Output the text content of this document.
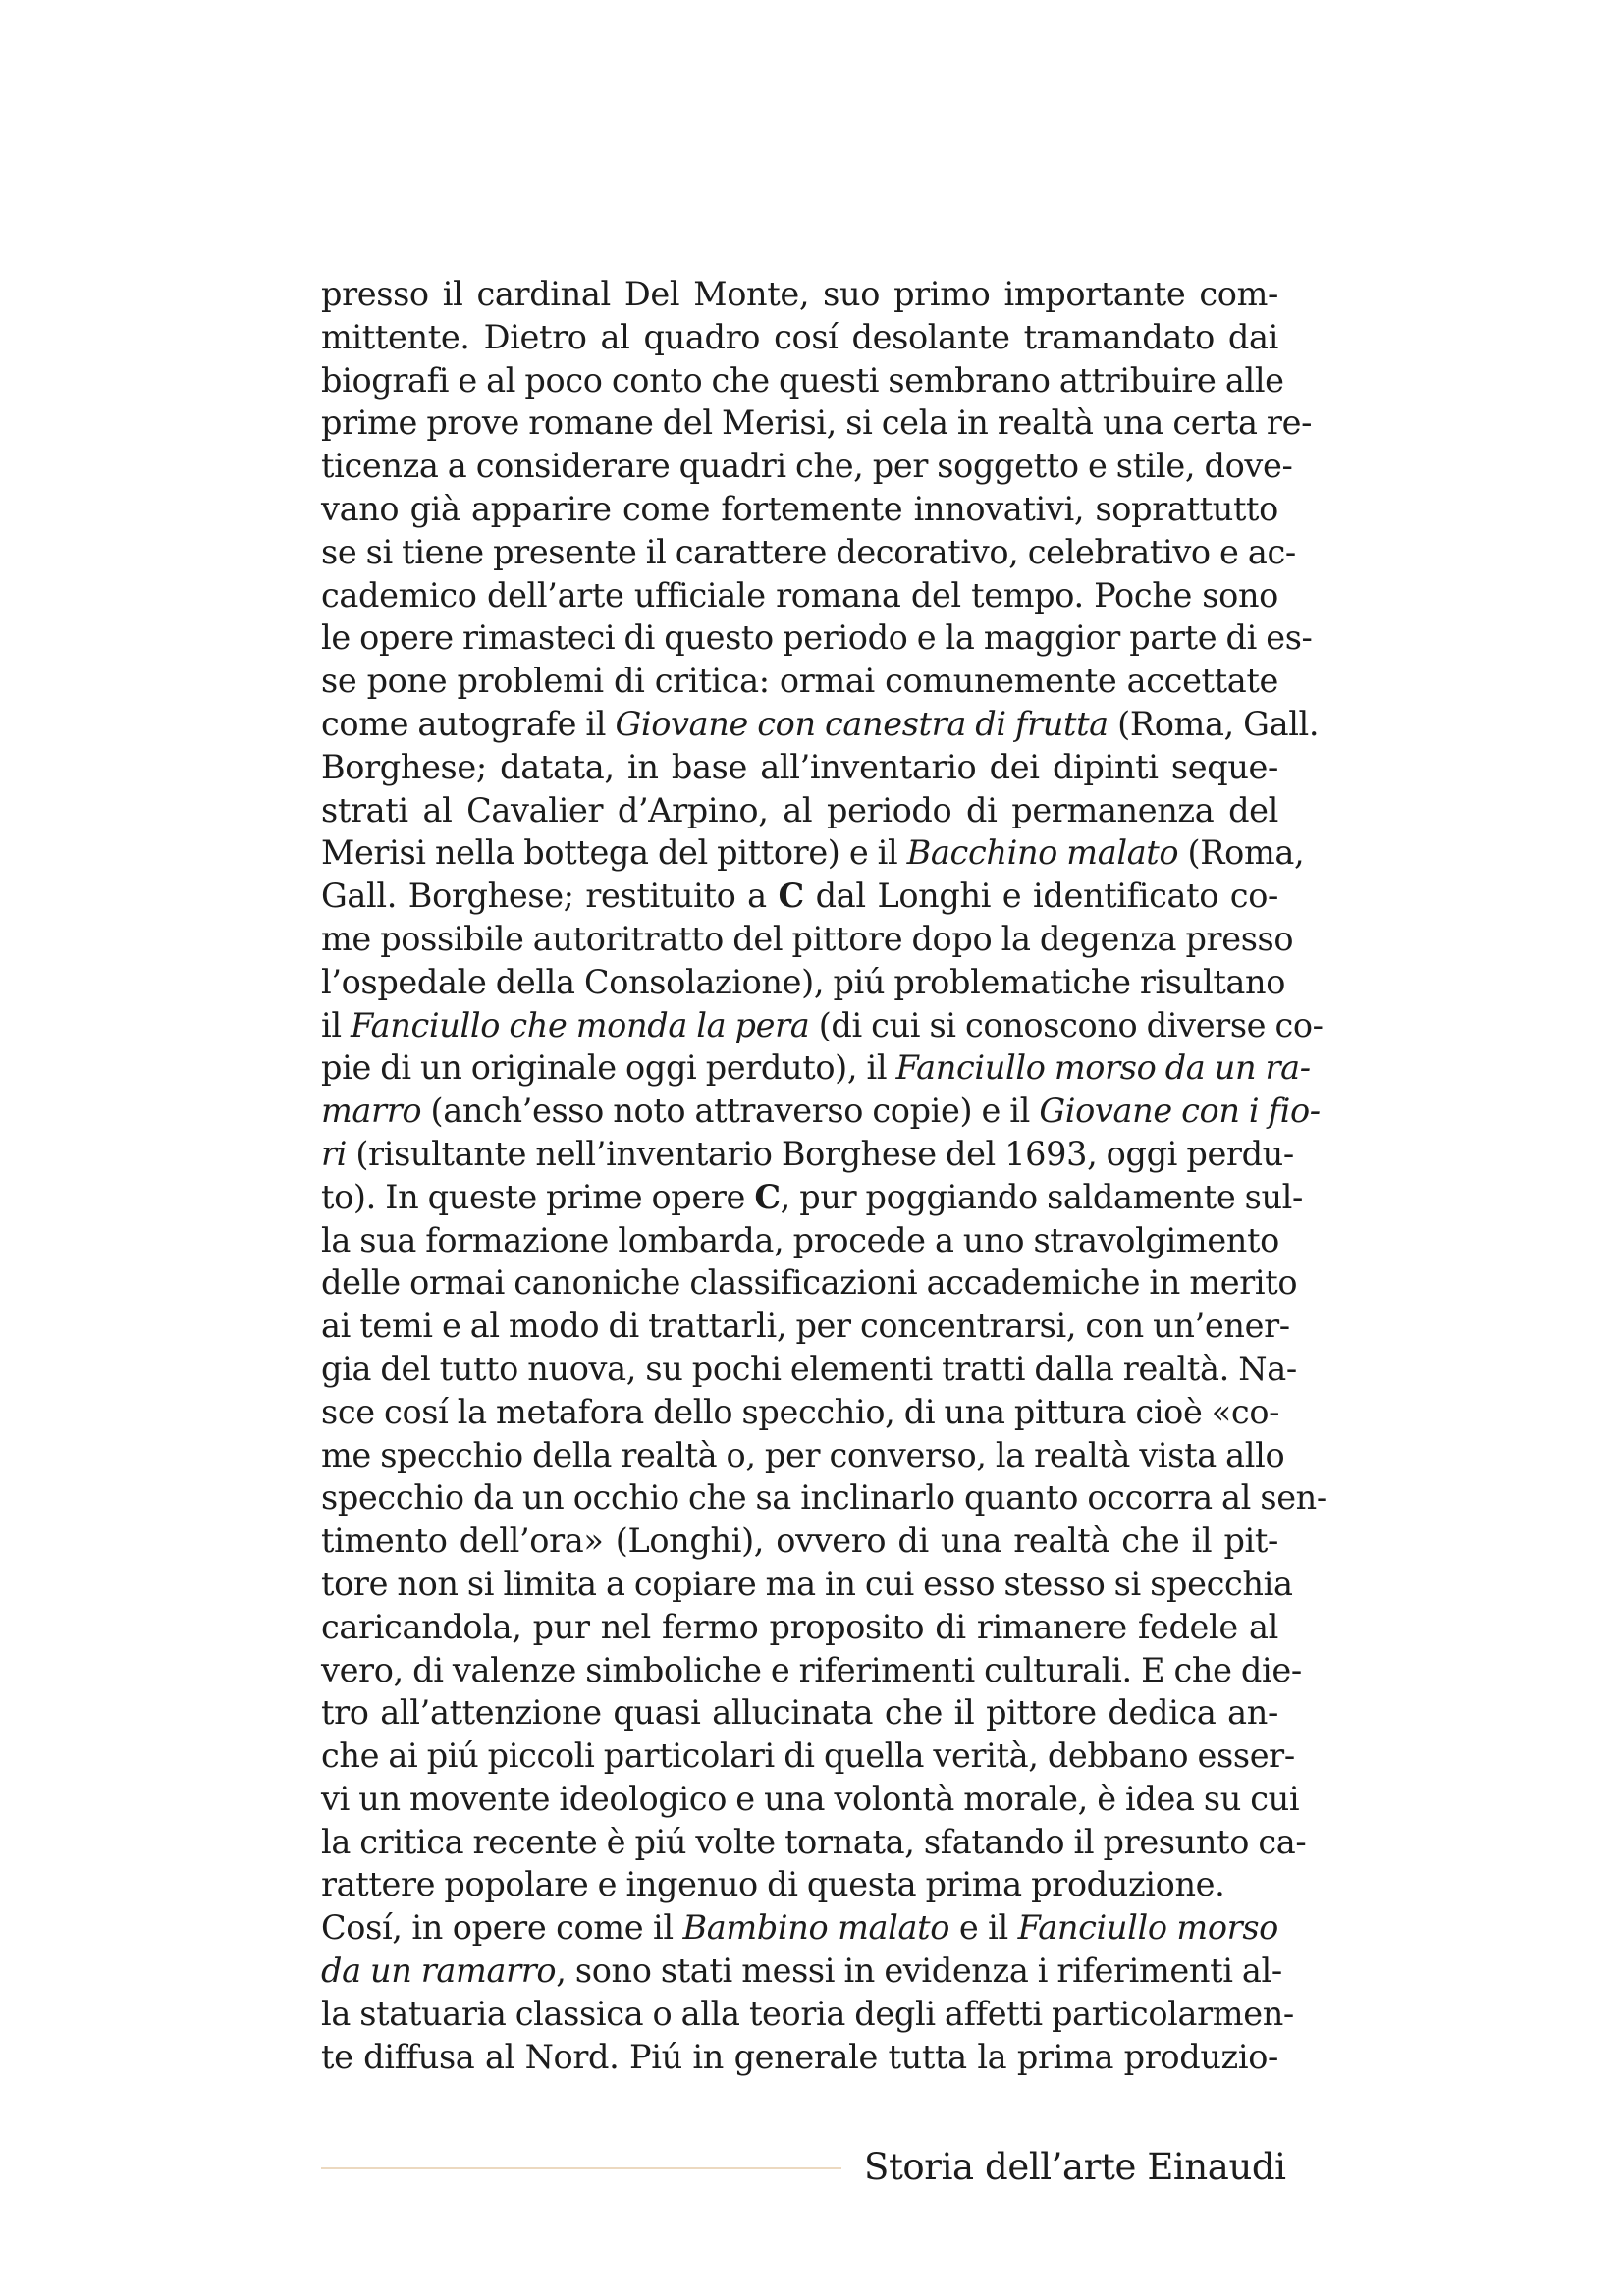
presso il cardinal Del Monte, suo primo importante com-
mittente. Dietro al quadro cosí desolante tramandato dai
biografi e al poco conto che questi sembrano attribuire alle
prime prove romane del Merisi, si cela in realtà una certa re-
ticenza a considerare quadri che, per soggetto e stile, dove-
vano già apparire come fortemente innovativi, soprattutto
se si tiene presente il carattere decorativo, celebrativo e ac-
cademico dell’arte ufficiale romana del tempo. Poche sono
le opere rimasteci di questo periodo e la maggior parte di es-
se pone problemi di critica: ormai comunemente accettate
come autografe il Giovane con canestra di frutta (Roma, Gall.
Borghese; datata, in base all’inventario dei dipinti seque-
strati al Cavalier d’Arpino, al periodo di permanenza del
Merisi nella bottega del pittore) e il Bacchino malato (Roma,
Gall. Borghese; restituito a C dal Longhi e identificato co-
me possibile autoritratto del pittore dopo la degenza presso
l’ospedale della Consolazione), piú problematiche risultano
il Fanciullo che monda la pera (di cui si conoscono diverse co-
pie di un originale oggi perduto), il Fanciullo morso da un ra-
marro (anch’esso noto attraverso copie) e il Giovane con i fio-
ri (risultante nell’inventario Borghese del 1693, oggi perdu-
to). In queste prime opere C, pur poggiando saldamente sul-
la sua formazione lombarda, procede a uno stravolgimento
delle ormai canoniche classificazioni accademiche in merito
ai temi e al modo di trattarli, per concentrarsi, con un’ener-
gia del tutto nuova, su pochi elementi tratti dalla realtà. Na-
sce cosí la metafora dello specchio, di una pittura cioè «co-
me specchio della realtà o, per converso, la realtà vista allo
specchio da un occhio che sa inclinarlo quanto occorra al sen-
timento dell’ora» (Longhi), ovvero di una realtà che il pit-
tore non si limita a copiare ma in cui esso stesso si specchia
caricandola, pur nel fermo proposito di rimanere fedele al
vero, di valenze simboliche e riferimenti culturali. E che die-
tro all’attenzione quasi allucinata che il pittore dedica an-
che ai piú piccoli particolari di quella verità, debbano esser-
vi un movente ideologico e una volontà morale, è idea su cui
la critica recente è piú volte tornata, sfatando il presunto ca-
rattere popolare e ingenuo di questa prima produzione.
Cosí, in opere come il Bambino malato e il Fanciullo morso
da un ramarro, sono stati messi in evidenza i riferimenti al-
la statuaria classica o alla teoria degli affetti particolarmen-
te diffusa al Nord. Piú in generale tutta la prima produzio-
Storia dell’arte Einaudi
